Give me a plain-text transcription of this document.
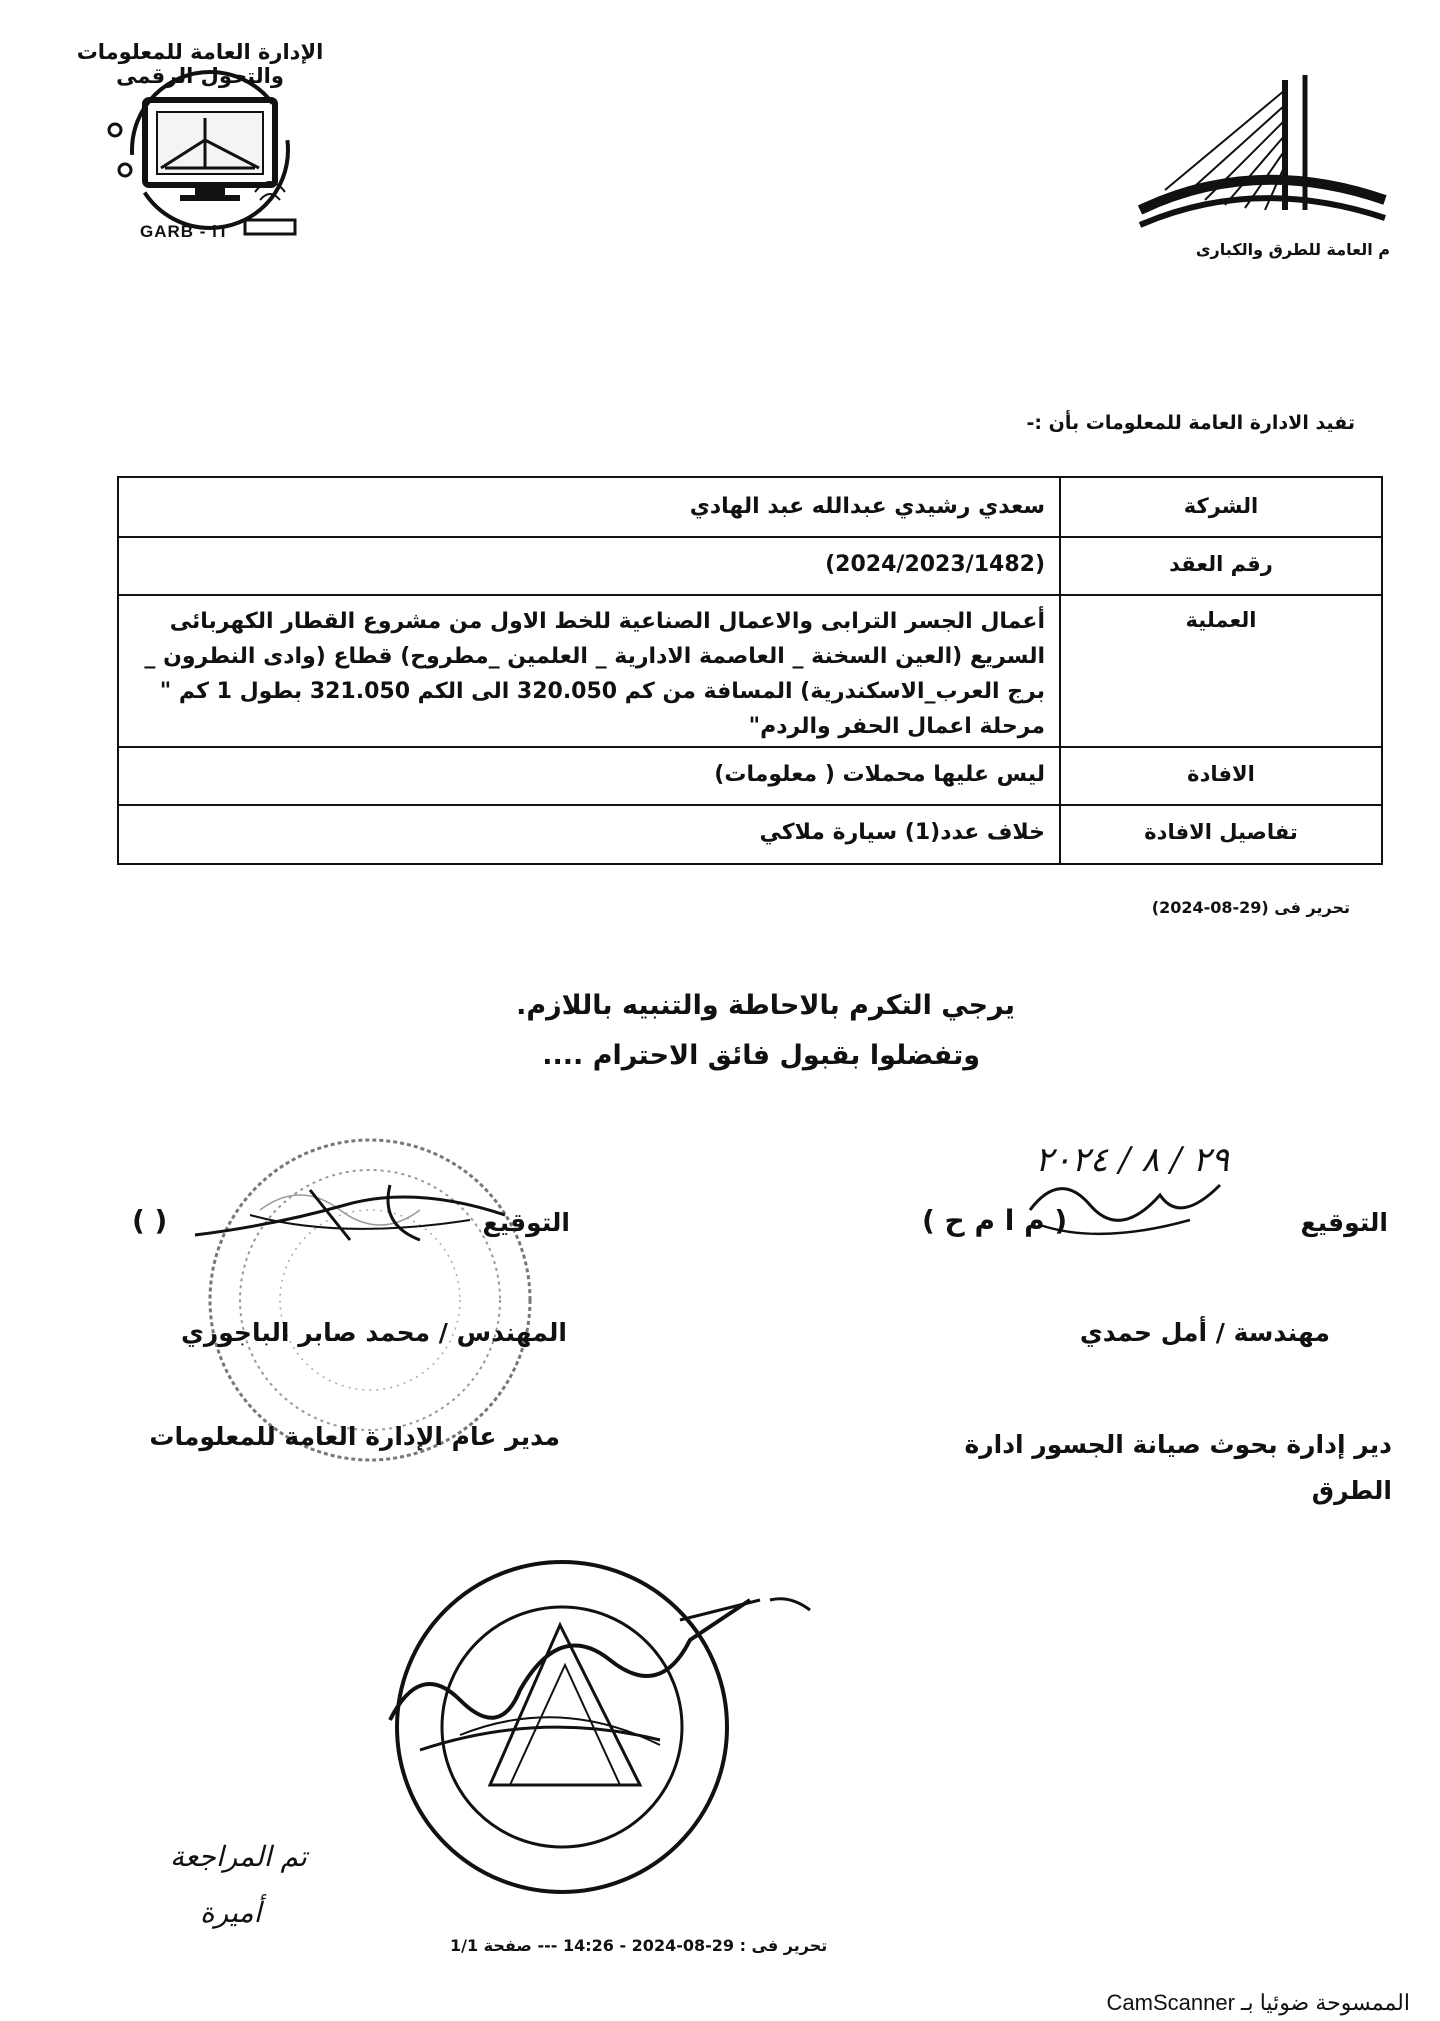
الإدارة العامة للمعلومات والتحول الرقمى
GARB - iT
م العامة للطرق والكبارى
تفيد الادارة العامة للمعلومات بأن :-
الشركة
سعدي رشيدي عبدالله عبد الهادي
رقم العقد
(2024/2023/1482)
العملية
أعمال الجسر الترابى والاعمال الصناعية للخط الاول من مشروع القطار الكهربائى السريع (العين السخنة _ العاصمة الادارية _ العلمين _مطروح) قطاع (وادى النطرون _ برج العرب_الاسكندرية) المسافة من كم 320.050 الى الكم 321.050 بطول 1 كم " مرحلة اعمال الحفر والردم"
الافادة
ليس عليها محملات ( معلومات)
تفاصيل الافادة
خلاف عدد(1) سيارة ملاكي
تحرير فى (29-08-2024)
يرجي التكرم بالاحاطة والتنبيه باللازم.
وتفضلوا بقبول فائق الاحترام ....
التوقيع
( م ا م ح )
٢٩ / ٨ / ٢٠٢٤
التوقيع
( )
مهندسة / أمل حمدي
المهندس / محمد صابر الباجوري
دير إدارة بحوث صيانة الجسور ادارة الطرق
مدير عام الإدارة العامة للمعلومات
تم المراجعة
أميرة
تحرير فى : 29-08-2024 - 14:26 --- صفحة 1/1
الممسوحة ضوئيا بـ CamScanner
